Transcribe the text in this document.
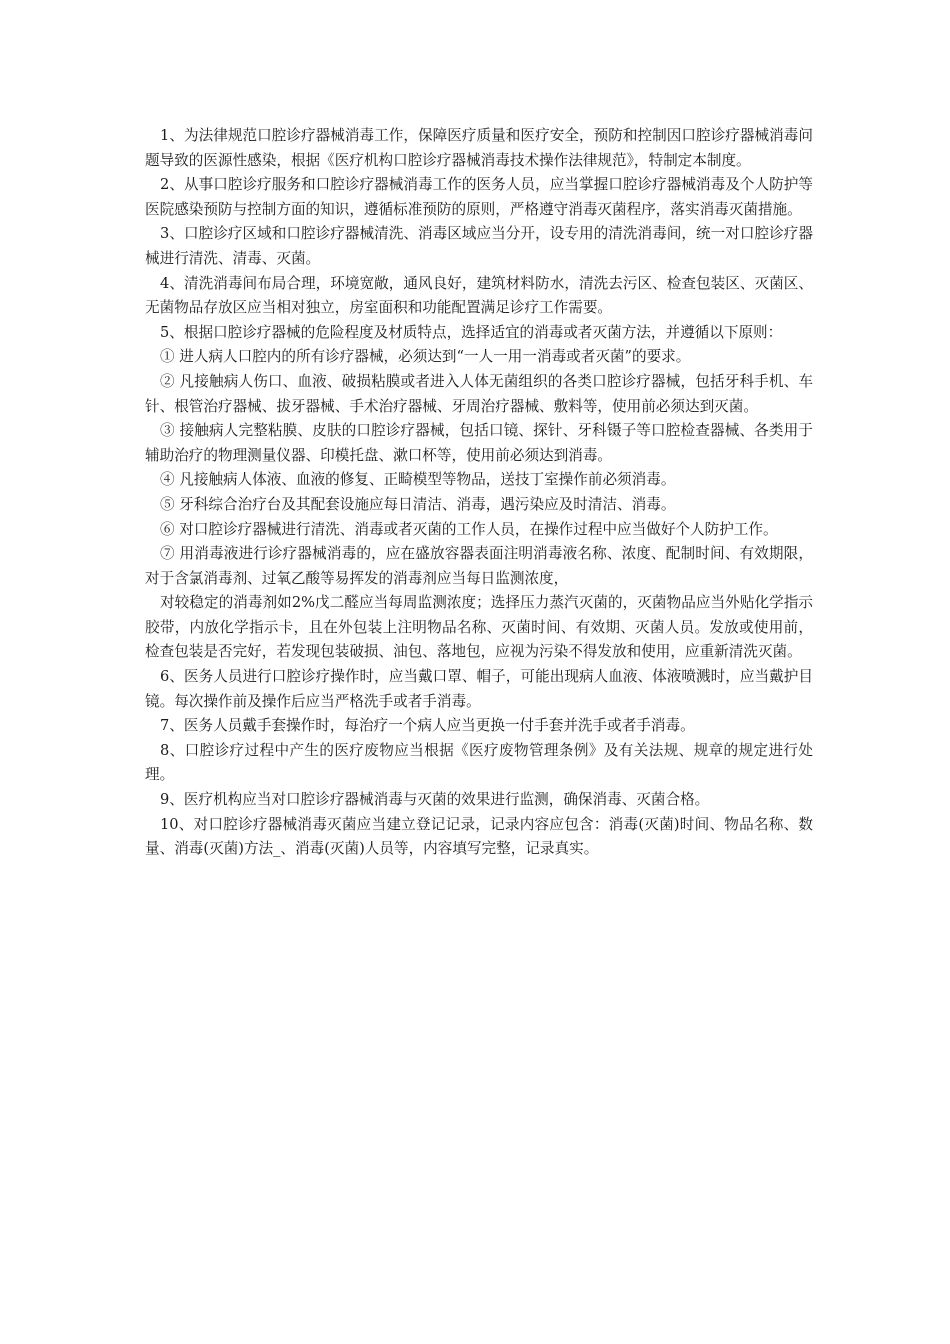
1、为法律规范口腔诊疗器械消毒工作，保障医疗质量和医疗安全，预防和控制因口腔诊疗器械消毒问题导致的医源性感染，根据《医疗机构口腔诊疗器械消毒技术操作法律规范》，特制定本制度。

2、从事口腔诊疗服务和口腔诊疗器械消毒工作的医务人员，应当掌握口腔诊疗器械消毒及个人防护等医院感染预防与控制方面的知识，遵循标准预防的原则，严格遵守消毒灭菌程序，落实消毒灭菌措施。

3、口腔诊疗区域和口腔诊疗器械清洗、消毒区域应当分开，设专用的清洗消毒间，统一对口腔诊疗器械进行清洗、清毒、灭菌。

4、清洗消毒间布局合理，环境宽敞，通风良好，建筑材料防水，清洗去污区、检查包装区、灭菌区、无菌物品存放区应当相对独立，房室面积和功能配置满足诊疗工作需要。

5、根据口腔诊疗器械的危险程度及材质特点，选择适宜的消毒或者灭菌方法，并遵循以下原则：

① 进人病人口腔内的所有诊疗器械，必须达到“一人一用一消毒或者灭菌”的要求。

② 凡接触病人伤口、血液、破损粘膜或者进入人体无菌组织的各类口腔诊疗器械，包括牙科手机、车针、根管治疗器械、拔牙器械、手术治疗器械、牙周治疗器械、敷料等，使用前必须达到灭菌。

③ 接触病人完整粘膜、皮肤的口腔诊疗器械，包括口镜、探针、牙科镊子等口腔检查器械、各类用于辅助治疗的物理测量仪器、印模托盘、漱口杯等，使用前必须达到消毒。

④ 凡接触病人体液、血液的修复、正畸模型等物品，送技丁室操作前必须消毒。

⑤ 牙科综合治疗台及其配套设施应每日清洁、消毒，遇污染应及时清洁、消毒。

⑥ 对口腔诊疗器械进行清洗、消毒或者灭菌的工作人员，在操作过程中应当做好个人防护工作。

⑦ 用消毒液进行诊疗器械消毒的，应在盛放容器表面注明消毒液名称、浓度、配制时间、有效期限，对于含氯消毒剂、过氧乙酸等易挥发的消毒剂应当每日监测浓度，

对较稳定的消毒剂如2%戊二醛应当每周监测浓度；选择压力蒸汽灭菌的，灭菌物品应当外贴化学指示胶带，内放化学指示卡，且在外包装上注明物品名称、灭菌时间、有效期、灭菌人员。发放或使用前，检查包装是否完好，若发现包装破损、油包、落地包，应视为污染不得发放和使用，应重新清洗灭菌。

6、医务人员进行口腔诊疗操作时，应当戴口罩、帽子，可能出现病人血液、体液喷溅时，应当戴护目镜。每次操作前及操作后应当严格洗手或者手消毒。

7、医务人员戴手套操作时，每治疗一个病人应当更换一付手套并洗手或者手消毒。

8、口腔诊疗过程中产生的医疗废物应当根据《医疗废物管理条例》及有关法规、规章的规定进行处理。

9、医疗机构应当对口腔诊疗器械消毒与灭菌的效果进行监测，确保消毒、灭菌合格。

10、对口腔诊疗器械消毒灭菌应当建立登记记录，记录内容应包含：消毒(灭菌)时间、物品名称、数量、消毒(灭菌)方法_、消毒(灭菌)人员等，内容填写完整，记录真实。
